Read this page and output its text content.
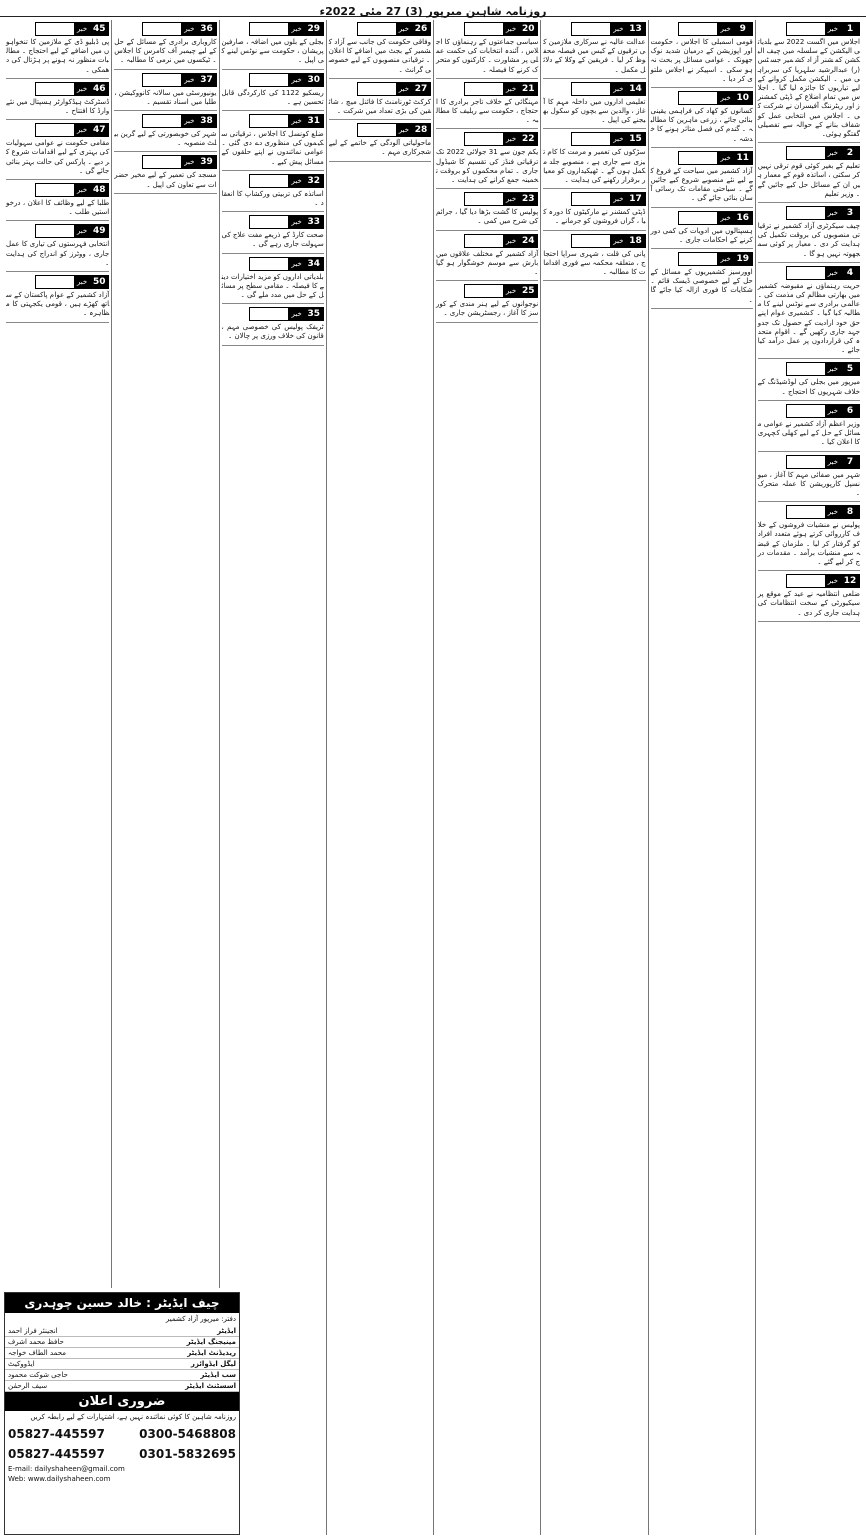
روزنامہ شاہین میرپور (3) 27 مئی 2022ء
خبر 1
اجلاس میں اگست 2022 سے بلدیاتی الیکشن کے سلسلہ میں چیف الیکشن کمشنر آزاد کشمیر جسٹس (ر) عبدالرشید سلہریا کی سربراہی میں ۔ الیکشن مکمل کروانے کے لیے تیاریوں کا جائزہ لیا گیا ۔ اجلاس میں تمام اضلاع کے ڈپٹی کمشنرز اور ریٹرننگ آفیسران نے شرکت کی ۔ اجلاس میں انتخابی عمل کو شفاف بنانے کے حوالہ سے تفصیلی گفتگو ہوئی۔
خبر 2
تعلیم کے بغیر کوئی قوم ترقی نہیں کر سکتی ، اساتذہ قوم کے معمار ہیں ان کے مسائل حل کیے جائیں گے ۔ وزیر تعلیم
خبر 3
چیف سیکرٹری آزاد کشمیر نے ترقیاتی منصوبوں کی بروقت تکمیل کی ہدایت کر دی ۔ معیار پر کوئی سمجھوتہ نہیں ہو گا ۔
خبر 4
حریت رہنماؤں نے مقبوضہ کشمیر میں بھارتی مظالم کی مذمت کی ۔ عالمی برادری سے نوٹس لینے کا مطالبہ کیا گیا ۔ کشمیری عوام اپنے حق خود ارادیت کے حصول تک جدوجہد جاری رکھیں گے ۔ اقوام متحدہ کی قراردادوں پر عمل درآمد کیا جائے ۔
خبر 5
میرپور میں بجلی کی لوڈشیڈنگ کے خلاف شہریوں کا احتجاج ۔
خبر 6
وزیر اعظم آزاد کشمیر نے عوامی مسائل کے حل کے لیے کھلی کچہری کا اعلان کیا ۔
خبر 7
شہر میں صفائی مہم کا آغاز ، میونسپل کارپوریشن کا عملہ متحرک ۔
خبر 8
پولیس نے منشیات فروشوں کے خلاف کارروائی کرتے ہوئے متعدد افراد کو گرفتار کر لیا ۔ ملزمان کے قبضہ سے منشیات برآمد ۔ مقدمات درج کر لیے گئے ۔
خبر 12
ضلعی انتظامیہ نے عید کے موقع پر سیکیورٹی کے سخت انتظامات کی ہدایت جاری کر دی ۔
خبر 9
قومی اسمبلی کا اجلاس ، حکومت اور اپوزیشن کے درمیان شدید نوک جھونک ۔ عوامی مسائل پر بحث نہ ہو سکی ۔ اسپیکر نے اجلاس ملتوی کر دیا ۔
خبر 10
کسانوں کو کھاد کی فراہمی یقینی بنائی جائے ، زرعی ماہرین کا مطالبہ ۔ گندم کی فصل متاثر ہونے کا خدشہ ۔
خبر 11
آزاد کشمیر میں سیاحت کے فروغ کے لیے نئے منصوبے شروع کیے جائیں گے ۔ سیاحتی مقامات تک رسائی آسان بنائی جائے گی ۔
خبر 16
ہسپتالوں میں ادویات کی کمی دور کرنے کے احکامات جاری ۔
خبر 19
اوورسیز کشمیریوں کے مسائل کے حل کے لیے خصوصی ڈیسک قائم ۔ شکایات کا فوری ازالہ کیا جائے گا ۔
خبر 13
عدالت عالیہ نے سرکاری ملازمین کی ترقیوں کے کیس میں فیصلہ محفوظ کر لیا ۔ فریقین کے وکلا کے دلائل مکمل ۔
خبر 14
تعلیمی اداروں میں داخلہ مہم کا آغاز ، والدین سے بچوں کو سکول بھیجنے کی اپیل ۔
خبر 15
سڑکوں کی تعمیر و مرمت کا کام تیزی سے جاری ہے ، منصوبے جلد مکمل ہوں گے ۔ ٹھیکیداروں کو معیار برقرار رکھنے کی ہدایت ۔
خبر 17
ڈپٹی کمشنر نے مارکیٹوں کا دورہ کیا ، گراں فروشوں کو جرمانے ۔
خبر 18
پانی کی قلت ، شہری سراپا احتجاج ، متعلقہ محکمہ سے فوری اقدامات کا مطالبہ ۔
خبر 20
سیاسی جماعتوں کے رہنماؤں کا اجلاس ، آئندہ انتخابات کی حکمت عملی پر مشاورت ۔ کارکنوں کو متحرک کرنے کا فیصلہ ۔
خبر 21
مہنگائی کے خلاف تاجر برادری کا احتجاج ، حکومت سے ریلیف کا مطالبہ ۔
خبر 22
یکم جون سے 31 جولائی 2022 تک ترقیاتی فنڈز کی تقسیم کا شیڈول جاری ۔ تمام محکموں کو بروقت تخمینہ جمع کرانے کی ہدایت ۔
خبر 23
پولیس کا گشت بڑھا دیا گیا ، جرائم کی شرح میں کمی ۔
خبر 24
آزاد کشمیر کے مختلف علاقوں میں بارش سے موسم خوشگوار ہو گیا ۔
خبر 25
نوجوانوں کے لیے ہنر مندی کے کورسز کا آغاز ، رجسٹریشن جاری ۔
خبر 26
وفاقی حکومت کی جانب سے آزاد کشمیر کے بجٹ میں اضافے کا اعلان ۔ ترقیاتی منصوبوں کے لیے خصوصی گرانٹ ۔
خبر 27
کرکٹ ٹورنامنٹ کا فائنل میچ ، شائقین کی بڑی تعداد میں شرکت ۔
خبر 28
ماحولیاتی آلودگی کے خاتمے کے لیے شجرکاری مہم ۔
خبر 29
بجلی کے بلوں میں اضافہ ، صارفین پریشان ، حکومت سے نوٹس لینے کی اپیل ۔
خبر 30
ریسکیو 1122 کی کارکردگی قابل تحسین ہے ۔
خبر 31
ضلع کونسل کا اجلاس ، ترقیاتی سکیموں کی منظوری دے دی گئی ۔ عوامی نمائندوں نے اپنے حلقوں کے مسائل پیش کیے ۔
خبر 32
اساتذہ کی تربیتی ورکشاپ کا انعقاد ۔
خبر 33
صحت کارڈ کے ذریعے مفت علاج کی سہولت جاری رہے گی ۔
خبر 34
بلدیاتی اداروں کو مزید اختیارات دینے کا فیصلہ ۔ مقامی سطح پر مسائل کے حل میں مدد ملے گی ۔
خبر 35
ٹریفک پولیس کی خصوصی مہم ، قانون کی خلاف ورزی پر چالان ۔
خبر 36
کاروباری برادری کے مسائل کے حل کے لیے چیمبر آف کامرس کا اجلاس ۔ ٹیکسوں میں نرمی کا مطالبہ ۔
خبر 37
یونیورسٹی میں سالانہ کانووکیشن ، طلبا میں اسناد تقسیم ۔
خبر 38
شہر کی خوبصورتی کے لیے گرین بیلٹ منصوبہ ۔
خبر 39
مسجد کی تعمیر کے لیے مخیر حضرات سے تعاون کی اپیل ۔
خبر 45
پی ڈبلیو ڈی کے ملازمین کا تنخواہوں میں اضافے کے لیے احتجاج ۔ مطالبات منظور نہ ہونے پر ہڑتال کی دھمکی ۔
خبر 46
ڈسٹرکٹ ہیڈکوارٹر ہسپتال میں نئے وارڈ کا افتتاح ۔
خبر 47
مقامی حکومت نے عوامی سہولیات کی بہتری کے لیے اقدامات شروع کر دیے ۔ پارکس کی حالت بہتر بنائی جائے گی ۔
خبر 48
طلبا کے لیے وظائف کا اعلان ، درخواستیں طلب ۔
خبر 49
انتخابی فہرستوں کی تیاری کا عمل جاری ، ووٹرز کو اندراج کی ہدایت ۔
خبر 50
آزاد کشمیر کے عوام پاکستان کے ساتھ کھڑے ہیں ، قومی یکجہتی کا مظاہرہ ۔
چیف ایڈیٹر : خالد حسین چوہدری
دفتر: میرپور آزاد کشمیر
ایڈیٹر
انجینئر فراز احمد
مینیجنگ ایڈیٹر
حافظ محمد اشرف
ریذیڈنٹ ایڈیٹر
محمد الطاف خواجہ
لیگل ایڈوائزر
ایڈووکیٹ
سب ایڈیٹر
حاجی شوکت محمود
اسسٹنٹ ایڈیٹر
سیف الرحمٰن
ضروری اعلان
روزنامہ شاہین کا کوئی نمائندہ نہیں ہے، اشتہارات کے لیے رابطہ کریں
05827-445597	0300-5468808
05827-445597	0301-5832695
E-mail: dailyshaheen@gmail.com
Web: www.dailyshaheen.com
